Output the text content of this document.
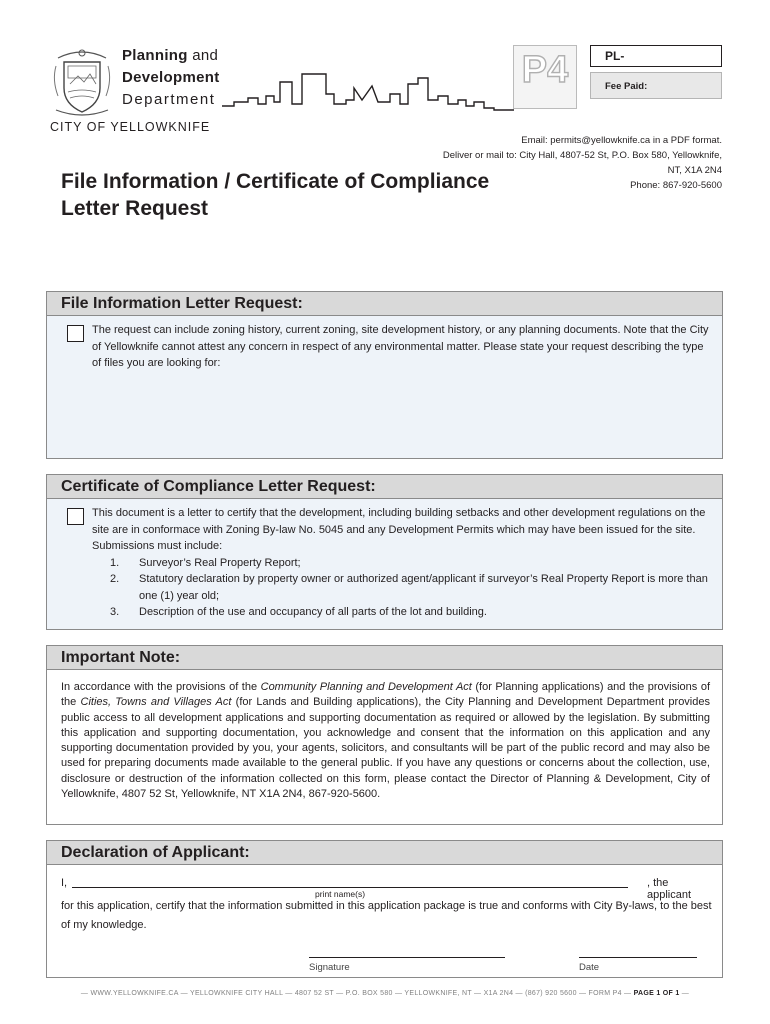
Planning and
Development
Department
CITY OF YELLOWKNIFE
P4	PL-
Fee Paid:
Email: permits@yellowknife.ca in a PDF format.
Deliver or mail to: City Hall, 4807-52 St, P.O. Box 580, Yellowknife,
NT, X1A 2N4
Phone: 867-920-5600
File Information / Certificate of Compliance
Letter Request
File Information Letter Request:
The request can include zoning history, current zoning, site development history, or any planning documents. Note that the City of Yellowknife cannot attest any concern in respect of any environmental matter. Please state your request describing the type of files you are looking for:
Certificate of Compliance Letter Request:
This document is a letter to certify that the development, including building setbacks and other development regulations on the site are in conformace with Zoning By-law No. 5045 and any Development Permits which may have been issued for the site. Submissions must include:
1.	Surveyor’s Real Property Report;
2.	Statutory declaration by property owner or authorized agent/applicant if surveyor’s Real Property Report is more than one (1) year old;
3.	Description of the use and occupancy of all parts of the lot and building.
Important Note:
In accordance with the provisions of the Community Planning and Development Act (for Planning applications) and the provisions of the Cities, Towns and Villages Act (for Lands and Building applications), the City Planning and Development Department provides public access to all development applications and supporting documentation as required or allowed by the legislation. By submitting this application and supporting documentation, you acknowledge and consent that the information on this application and any supporting documentation provided by you, your agents, solicitors, and consultants will be part of the public record and may also be used for preparing documents made available to the general public. If you have any questions or concerns about the collection, use, disclosure or destruction of the information collected on this form, please contact the Director of Planning & Development, City of Yellowknife, 4807 52 St, Yellowknife, NT X1A 2N4, 867-920-5600.
Declaration of Applicant:
I,
print name(s)
, the applicant
for this application, certify that the information submitted in this application package is true and conforms with City By-laws, to the best of my knowledge.
Signature	Date
— WWW.YELLOWKNIFE.CA — YELLOWKNIFE CITY HALL — 4807 52 ST — P.O. BOX 580 — YELLOWKNIFE, NT — X1A 2N4 — (867) 920 5600 — FORM P4 — PAGE 1 OF 1 —
